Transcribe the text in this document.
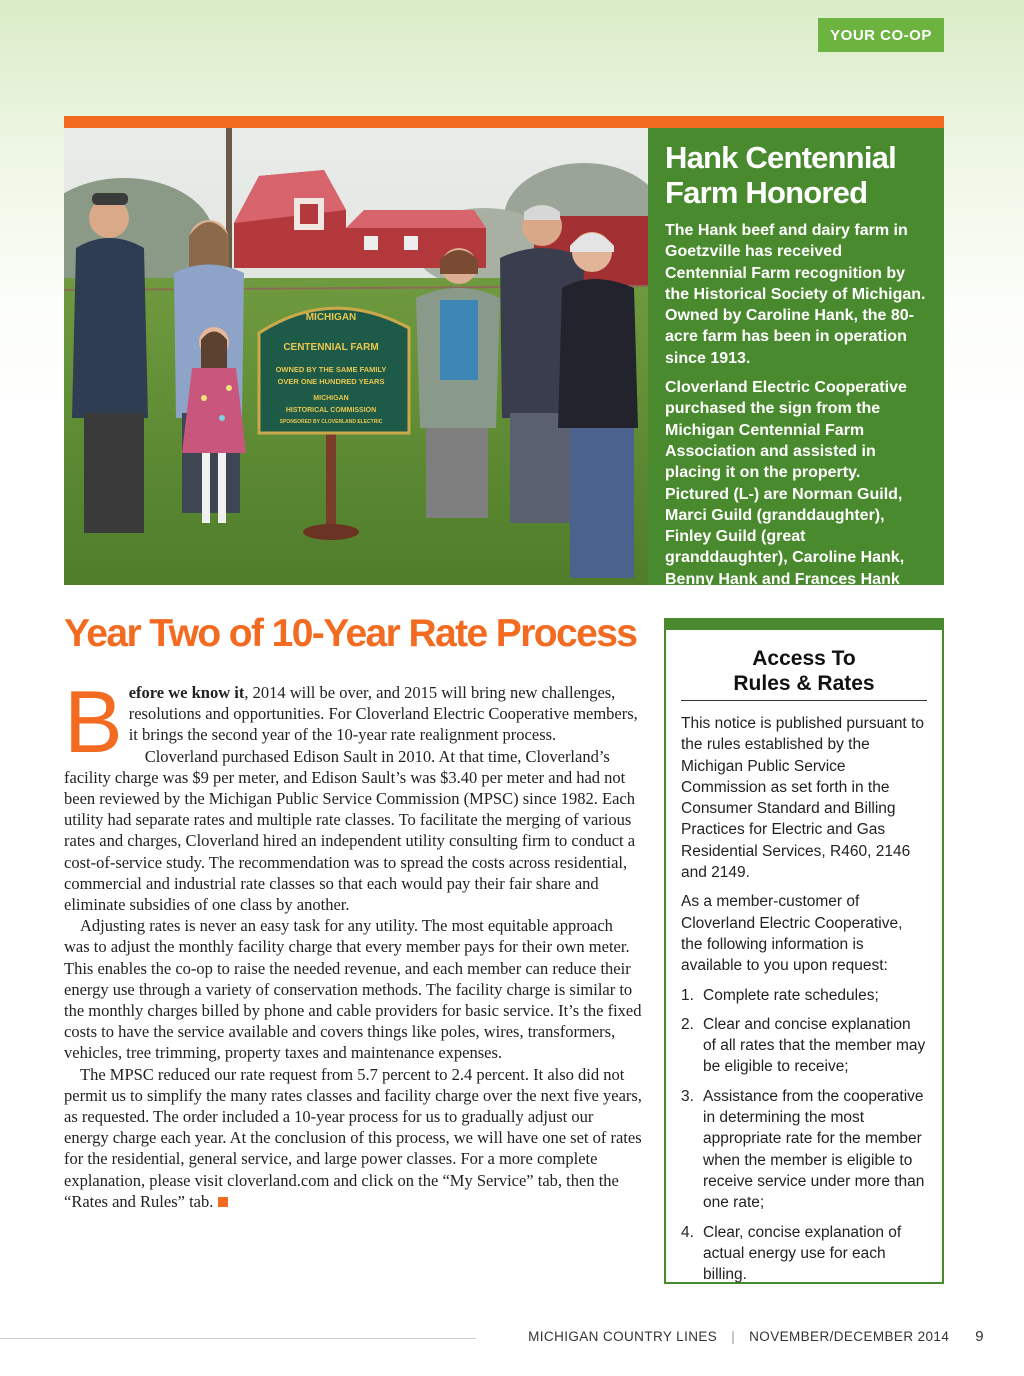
YOUR CO-OP
MICHIGAN
CENTENNIAL FARM
OWNED BY THE SAME FAMILY
OVER ONE HUNDRED YEARS
MICHIGAN
HISTORICAL COMMISSION
SPONSORED BY CLOVERLAND ELECTRIC
Hank Centennial
Farm Honored

The Hank beef and dairy farm in Goetzville has received Centennial Farm recognition by the Historical Society of Michigan. Owned by Caroline Hank, the 80-acre farm has been in operation since 1913.

Cloverland Electric Cooperative purchased the sign from the Michigan Centennial Farm Association and assisted in placing it on the property. Pictured (L-) are Norman Guild, Marci Guild (granddaughter), Finley Guild (great granddaughter), Caroline Hank, Benny Hank and Frances Hank (daughter).

Year Two of 10-Year Rate Process

Before we know it, 2014 will be over, and 2015 will bring new challenges, resolutions and opportunities. For Cloverland Electric Cooperative members, it brings the second year of the 10-year rate realignment process.

Cloverland purchased Edison Sault in 2010. At that time, Cloverland’s facility charge was $9 per meter, and Edison Sault’s was $3.40 per meter and had not been reviewed by the Michigan Public Service Commission (MPSC) since 1982. Each utility had separate rates and multiple rate classes. To facilitate the merging of various rates and charges, Cloverland hired an independent utility consulting firm to conduct a cost-of-service study. The recommendation was to spread the costs across residential, commercial and industrial rate classes so that each would pay their fair share and eliminate subsidies of one class by another.

Adjusting rates is never an easy task for any utility. The most equitable approach was to adjust the monthly facility charge that every member pays for their own meter. This enables the co-op to raise the needed revenue, and each member can reduce their energy use through a variety of conservation methods. The facility charge is similar to the monthly charges billed by phone and cable providers for basic service. It’s the fixed costs to have the service available and covers things like poles, wires, transformers, vehicles, tree trimming, property taxes and maintenance expenses.

The MPSC reduced our rate request from 5.7 percent to 2.4 percent. It also did not permit us to simplify the many rates classes and facility charge over the next five years, as requested. The order included a 10-year process for us to gradually adjust our energy charge each year. At the conclusion of this process, we will have one set of rates for the residential, general service, and large power classes. For a more complete explanation, please visit cloverland.com and click on the “My Service” tab, then the “Rates and Rules” tab.

Access To
Rules & Rates

This notice is published pursuant to the rules established by the Michigan Public Service Commission as set forth in the Consumer Standard and Billing Practices for Electric and Gas Residential Services, R460, 2146 and 2149.

As a member-customer of Cloverland Electric Cooperative, the following information is available to you upon request:

1. Complete rate schedules;
2. Clear and concise explanation of all rates that the member may be eligible to receive;
3. Assistance from the cooperative in determining the most appropriate rate for the member when the member is eligible to receive service under more than one rate;
4. Clear, concise explanation of actual energy use for each billing.
MICHIGAN COUNTRY LINES | NOVEMBER/DECEMBER 2014 9
